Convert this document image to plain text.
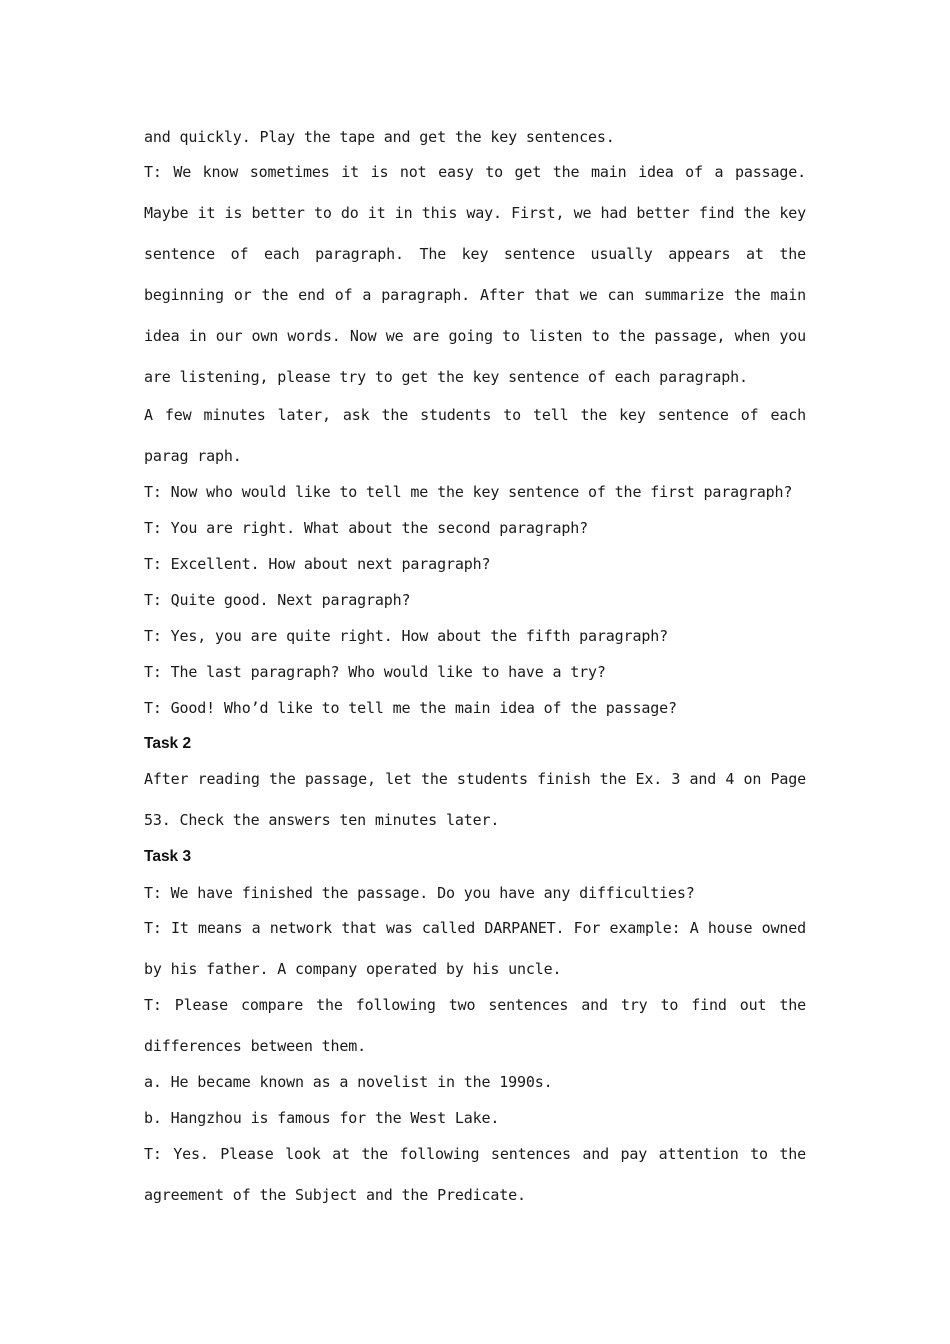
and quickly. Play the tape and get the key sentences.

T: We know sometimes it is not easy to get the main idea of a passage. Maybe it is better to do it in this way. First, we had better find the key sentence of each paragraph. The key sentence usually appears at the beginning or the end of a paragraph. After that we can summarize the main idea in our own words. Now we are going to listen to the passage, when you are listening, please try to get the key sentence of each paragraph.

A few minutes later, ask the students to tell the key sentence of each parag raph.

T: Now who would like to tell me the key sentence of the first paragraph?

T: You are right. What about the second paragraph?

T: Excellent. How about next paragraph?

T: Quite good. Next paragraph?

T: Yes, you are quite right. How about the fifth paragraph?

T: The last paragraph? Who would like to have a try?

T: Good! Who’d like to tell me the main idea of the passage?

Task 2

After reading the passage, let the students finish the Ex. 3 and 4 on Page 53. Check the answers ten minutes later.

Task 3

T: We have finished the passage. Do you have any difficulties?

T: It means a network that was called DARPANET. For example: A house owned by his father. A company operated by his uncle.

T: Please compare the following two sentences and try to find out the differences between them.

a. He became known as a novelist in the 1990s.

b. Hangzhou is famous for the West Lake.

T: Yes. Please look at the following sentences and pay attention to the agreement of the Subject and the Predicate.
